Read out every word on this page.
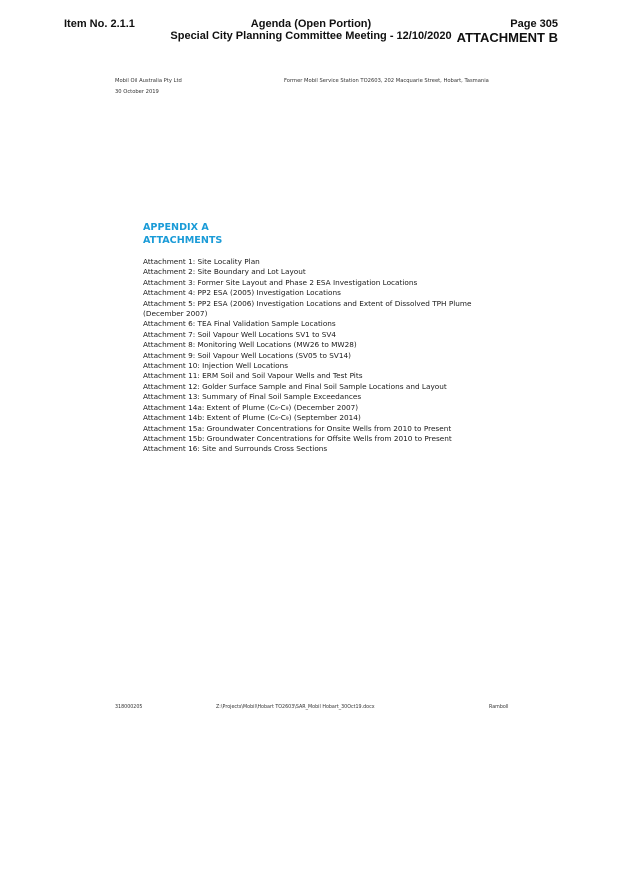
Item No. 2.1.1	Agenda (Open Portion)
Special City Planning Committee Meeting - 12/10/2020
Page 305
ATTACHMENT B
Mobil Oil Australia Pty Ltd
30 October 2019
Former Mobil Service Station TO2603, 202 Macquarie Street, Hobart, Tasmania
APPENDIX A
ATTACHMENTS
Attachment 1: Site Locality Plan
Attachment 2: Site Boundary and Lot Layout
Attachment 3: Former Site Layout and Phase 2 ESA Investigation Locations
Attachment 4: PP2 ESA (2005) Investigation Locations
Attachment 5: PP2 ESA (2006) Investigation Locations and Extent of Dissolved TPH Plume
(December 2007)
Attachment 6: TEA Final Validation Sample Locations
Attachment 7: Soil Vapour Well Locations SV1 to SV4
Attachment 8: Monitoring Well Locations (MW26 to MW28)
Attachment 9: Soil Vapour Well Locations (SV05 to SV14)
Attachment 10: Injection Well Locations
Attachment 11: ERM Soil and Soil Vapour Wells and Test Pits
Attachment 12: Golder Surface Sample and Final Soil Sample Locations and Layout
Attachment 13: Summary of Final Soil Sample Exceedances
Attachment 14a: Extent of Plume (C₆-C₉) (December 2007)
Attachment 14b: Extent of Plume (C₆-C₉) (September 2014)
Attachment 15a: Groundwater Concentrations for Onsite Wells from 2010 to Present
Attachment 15b: Groundwater Concentrations for Offsite Wells from 2010 to Present
Attachment 16: Site and Surrounds Cross Sections
318000205	Z:\Projects\Mobil\Hobart TO2603\SAR_Mobil Hobart_30Oct19.docx	Ramboll
